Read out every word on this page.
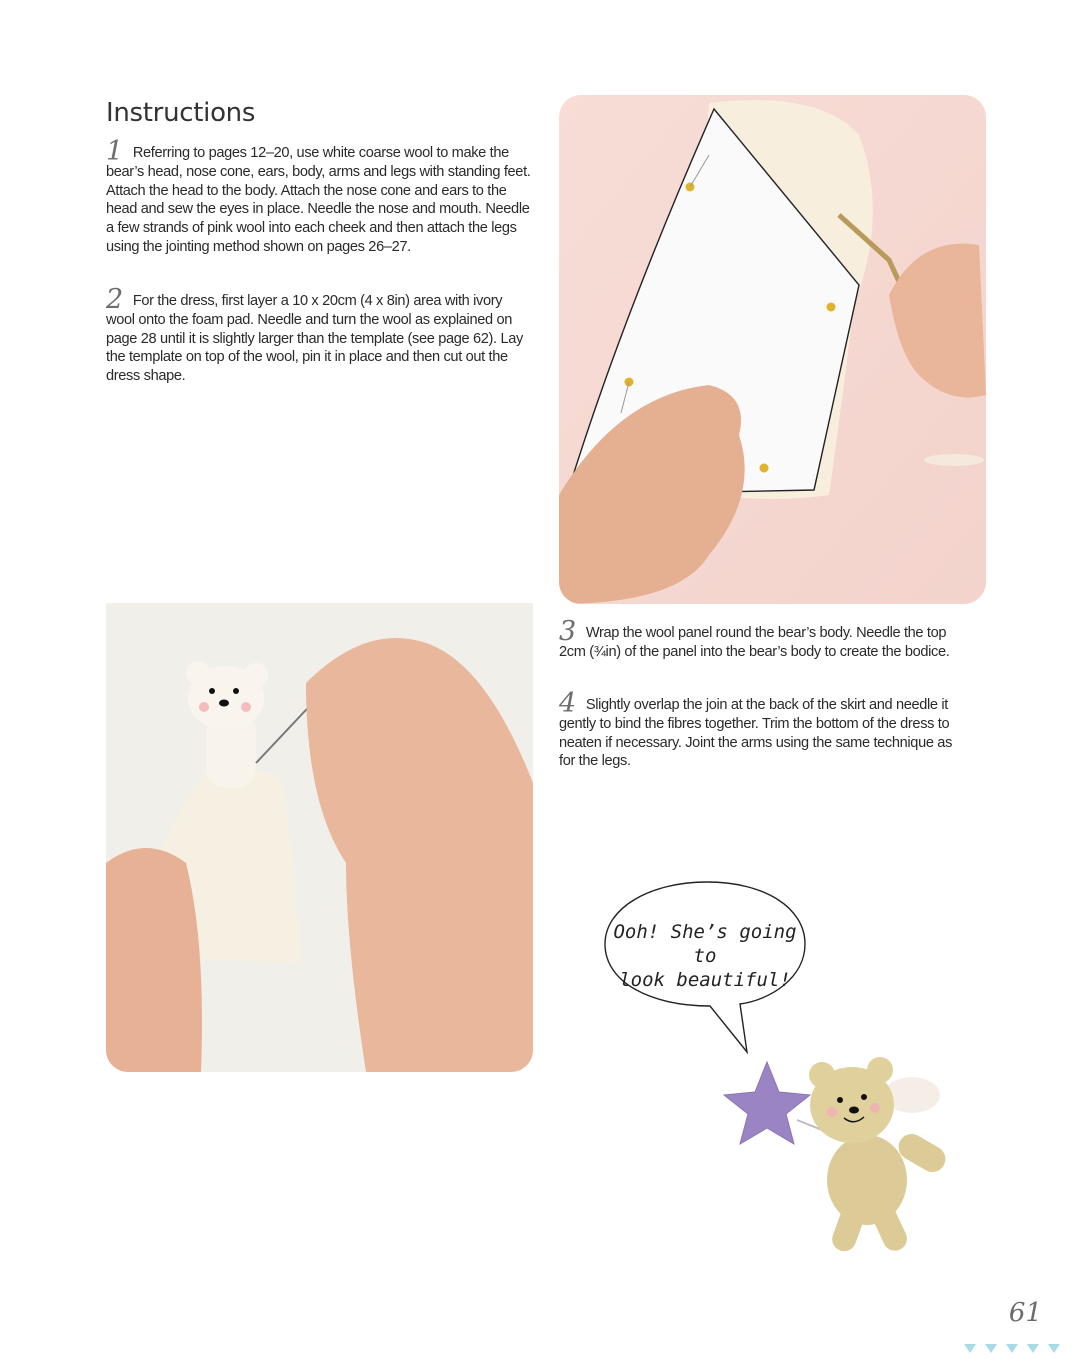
Instructions
1 Referring to pages 12–20, use white coarse wool to make the bear’s head, nose cone, ears, body, arms and legs with standing feet. Attach the head to the body. Attach the nose cone and ears to the head and sew the eyes in place. Needle the nose and mouth. Needle a few strands of pink wool into each cheek and then attach the legs using the jointing method shown on pages 26–27.
2 For the dress, first layer a 10 x 20cm (4 x 8in) area with ivory wool onto the foam pad. Needle and turn the wool as explained on page 28 until it is slightly larger than the template (see page 62). Lay the template on top of the wool, pin it in place and then cut out the dress shape.
3 Wrap the wool panel round the bear’s body. Needle the top 2cm (¾in) of the panel into the bear’s body to create the bodice.
4 Slightly overlap the join at the back of the skirt and needle it gently to bind the fibres together. Trim the bottom of the dress to neaten if necessary. Joint the arms using the same technique as for the legs.
Ooh! She’s going to
look beautiful!
61
